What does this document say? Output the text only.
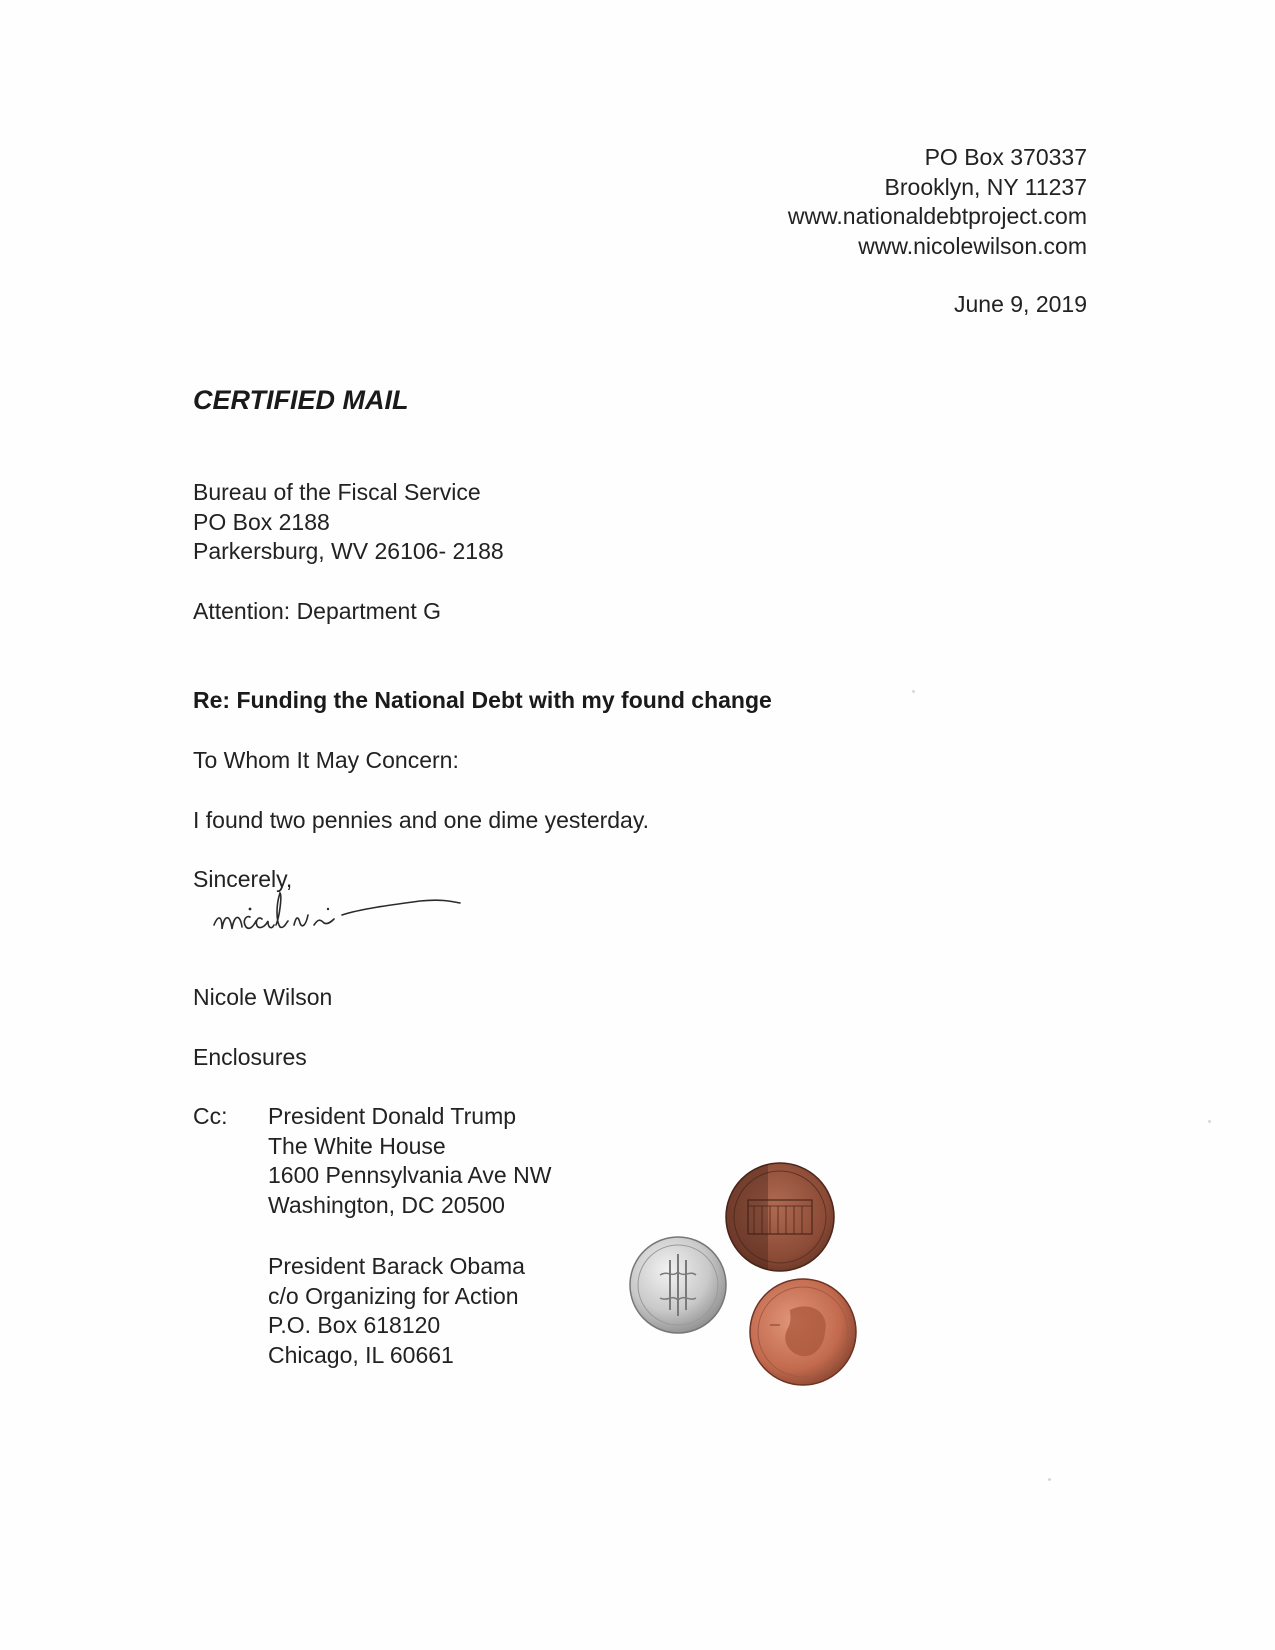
PO Box 370337
Brooklyn, NY 11237
www.nationaldebtproject.com
www.nicolewilson.com
June 9, 2019
CERTIFIED MAIL
Bureau of the Fiscal Service
PO Box 2188
Parkersburg, WV 26106- 2188
Attention: Department G
Re: Funding the National Debt with my found change
To Whom It May Concern:
I found two pennies and one dime yesterday.
Sincerely,
Nicole Wilson
Enclosures
Cc: President Donald Trump
The White House
1600 Pennsylvania Ave NW
Washington, DC 20500
President Barack Obama
c/o Organizing for Action
P.O. Box 618120
Chicago, IL 60661
